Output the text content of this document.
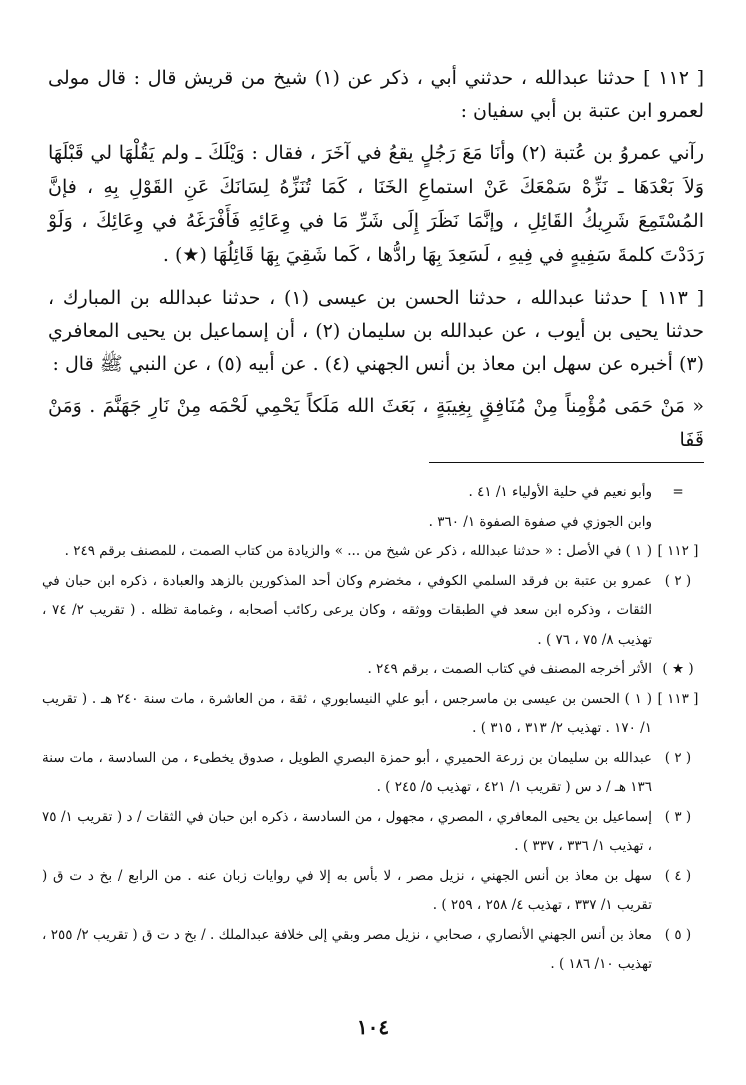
[ ١١٢ ] حدثنا عبدالله ، حدثني أبي ، ذكر عن (١) شيخ من قريش قال : قال مولى لعمرو ابن عتبة بن أبي سفيان :

رآني عمروُ بن عُتبة (٢) وأنَا مَعَ رَجُلٍ يقعُ في آخَرَ ، فقال : وَيْلَكَ ـ ولم يَقُلْهَا لي قَبْلَهَا وَلاَ بَعْدَهَا ـ نَزِّهْ سَمْعَكَ عَنْ استماعِ الخَنَا ، كَمَا تُنَزِّهُ لِسَانَكَ عَنِ القَوْلِ بِهِ ، فإنَّ المُسْتَمِعَ شَرِيكُ القَائِلِ ، وإنَّمَا نَظَرَ إِلَى شَرِّ مَا في وِعَائِهِ فَأَفْرَغَهُ في وِعَائِكَ ، وَلَوْ رَدَدْتَ كلمةَ سَفِيهٍ في فِيهِ ، لَسَعِدَ بِهَا رادُّها ، كَما شَقِيَ بِهَا قَائِلُهَا (★) .

[ ١١٣ ] حدثنا عبدالله ، حدثنا الحسن بن عيسى (١) ، حدثنا عبدالله بن المبارك ، حدثنا يحيى بن أيوب ، عن عبدالله بن سليمان (٢) ، أن إسماعيل بن يحيى المعافري (٣) أخبره عن سهل ابن معاذ بن أنس الجهني (٤) . عن أبيه (٥) ، عن النبي ﷺ قال :

« مَنْ حَمَى مُؤْمِناً مِنْ مُنَافِقٍ بِغِيبَةٍ ، بَعَثَ الله مَلَكاً يَحْمِي لَحْمَه مِنْ نَارِ جَهَنَّمَ . وَمَنْ قَفَا

=
وأبو نعيم في حلية الأولياء ١/ ٤١ .
وابن الجوزي في صفوة الصفوة ١/ ٣٦٠ .
[ ١١٢ ]
( ١ ) في الأصل : « حدثنا عبدالله ، ذكر عن شيخ من ... » والزيادة من كتاب الصمت ، للمصنف برقم ٢٤٩ .
( ٢ )
عمرو بن عتبة بن فرقد السلمي الكوفي ، مخضرم وكان أحد المذكورين بالزهد والعبادة ، ذكره ابن حبان في الثقات ، وذكره ابن سعد في الطبقات ووثقه ، وكان يرعى ركائب أصحابه ، وغمامة تظله . ( تقريب ٢/ ٧٤ ، تهذيب ٨/ ٧٥ ، ٧٦ ) .
( ★ )
الأثر أخرجه المصنف في كتاب الصمت ، برقم ٢٤٩ .
[ ١١٣ ]
( ١ ) الحسن بن عيسى بن ماسرجس ، أبو علي النيسابوري ، ثقة ، من العاشرة ، مات سنة ٢٤٠ هـ . ( تقريب ١/ ١٧٠ . تهذيب ٢/ ٣١٣ ، ٣١٥ ) .
( ٢ )
عبدالله بن سليمان بن زرعة الحميري ، أبو حمزة البصري الطويل ، صدوق يخطىء ، من السادسة ، مات سنة ١٣٦ هـ / د س ( تقريب ١/ ٤٢١ ، تهذيب ٥/ ٢٤٥ ) .
( ٣ )
إسماعيل بن يحيى المعافري ، المصري ، مجهول ، من السادسة ، ذكره ابن حبان في الثقات / د ( تقريب ١/ ٧٥ ، تهذيب ١/ ٣٣٦ ، ٣٣٧ ) .
( ٤ )
سهل بن معاذ بن أنس الجهني ، نزيل مصر ، لا بأس به إلا في روايات زبان عنه . من الرابع / بخ د ت ق ( تقريب ١/ ٣٣٧ ، تهذيب ٤/ ٢٥٨ ، ٢٥٩ ) .
( ٥ )
معاذ بن أنس الجهني الأنصاري ، صحابي ، نزيل مصر وبقي إلى خلافة عبدالملك . / بخ د ت ق ( تقريب ٢/ ٢٥٥ ، تهذيب ١٠/ ١٨٦ ) .
١٠٤
